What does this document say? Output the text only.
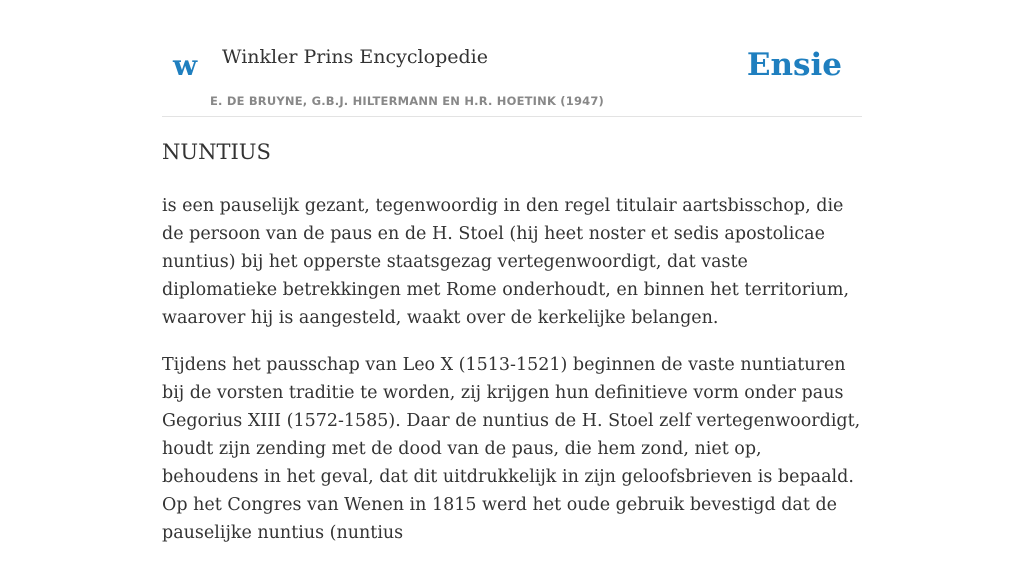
w Winkler Prins Encyclopedie
E. DE BRUYNE, G.B.J. HILTERMANN EN H.R. HOETINK (1947)
Ensie
NUNTIUS

is een pauselijk gezant, tegenwoordig in den regel titulair aartsbisschop, die de persoon van de paus en de H. Stoel (hij heet noster et sedis apostolicae nuntius) bij het opperste staatsgezag vertegenwoordigt, dat vaste diplomatieke betrekkingen met Rome onderhoudt, en binnen het territorium, waarover hij is aangesteld, waakt over de kerkelijke belangen.

Tijdens het pausschap van Leo X (1513-1521) beginnen de vaste nuntiaturen bij de vorsten traditie te worden, zij krijgen hun definitieve vorm onder paus Gegorius XIII (1572-1585). Daar de nuntius de H. Stoel zelf vertegenwoordigt, houdt zijn zending met de dood van de paus, die hem zond, niet op, behoudens in het geval, dat dit uitdrukkelijk in zijn geloofsbrieven is bepaald. Op het Congres van Wenen in 1815 werd het oude gebruik bevestigd dat de pauselijke nuntius (nuntius
